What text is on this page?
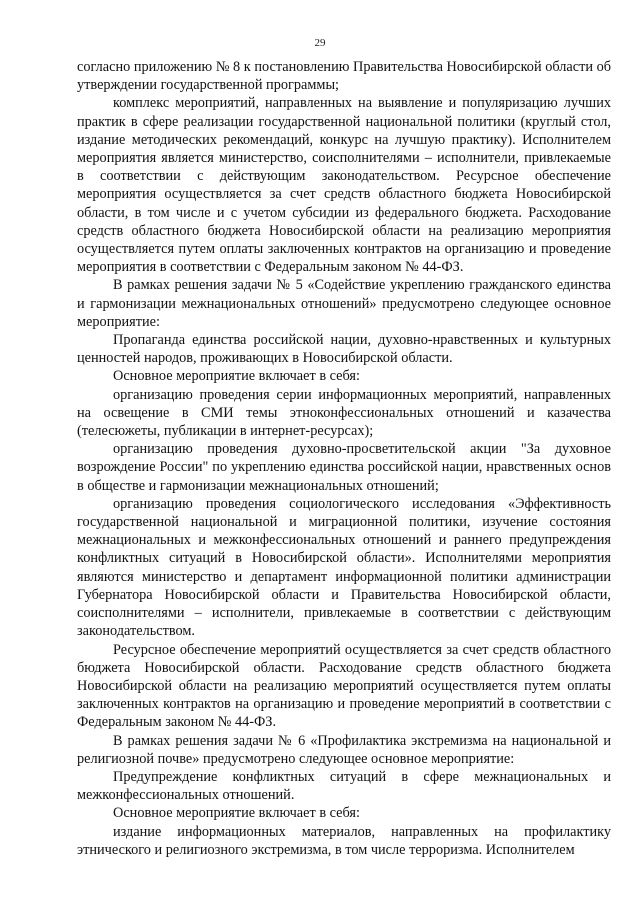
29

согласно приложению № 8 к постановлению Правительства Новосибирской области об утверждении государственной программы;

комплекс мероприятий, направленных на выявление и популяризацию лучших практик в сфере реализации государственной национальной политики (круглый стол, издание методических рекомендаций, конкурс на лучшую практику). Исполнителем мероприятия является министерство, соисполнителями – исполнители, привлекаемые в соответствии с действующим законодательством. Ресурсное обеспечение мероприятия осуществляется за счет средств областного бюджета Новосибирской области, в том числе и с учетом субсидии из федерального бюджета. Расходование средств областного бюджета Новосибирской области на реализацию мероприятия осуществляется путем оплаты заключенных контрактов на организацию и проведение мероприятия в соответствии с Федеральным законом № 44-ФЗ.

В рамках решения задачи № 5 «Содействие укреплению гражданского единства и гармонизации межнациональных отношений» предусмотрено следующее основное мероприятие:

Пропаганда единства российской нации, духовно-нравственных и культурных ценностей народов, проживающих в Новосибирской области.

Основное мероприятие включает в себя:

организацию проведения серии информационных мероприятий, направленных на освещение в СМИ темы этноконфессиональных отношений и казачества (телесюжеты, публикации в интернет-ресурсах);

организацию проведения духовно-просветительской акции "За духовное возрождение России" по укреплению единства российской нации, нравственных основ в обществе и гармонизации межнациональных отношений;

организацию проведения социологического исследования «Эффективность государственной национальной и миграционной политики, изучение состояния межнациональных и межконфессиональных отношений и раннего предупреждения конфликтных ситуаций в Новосибирской области». Исполнителями мероприятия являются министерство и департамент информационной политики администрации Губернатора Новосибирской области и Правительства Новосибирской области, соисполнителями – исполнители, привлекаемые в соответствии с действующим законодательством.

Ресурсное обеспечение мероприятий осуществляется за счет средств областного бюджета Новосибирской области. Расходование средств областного бюджета Новосибирской области на реализацию мероприятий осуществляется путем оплаты заключенных контрактов на организацию и проведение мероприятий в соответствии с Федеральным законом № 44-ФЗ.

В рамках решения задачи № 6 «Профилактика экстремизма на национальной и религиозной почве» предусмотрено следующее основное мероприятие:

Предупреждение конфликтных ситуаций в сфере межнациональных и межконфессиональных отношений.

Основное мероприятие включает в себя:

издание информационных материалов, направленных на профилактику этнического и религиозного экстремизма, в том числе терроризма. Исполнителем
